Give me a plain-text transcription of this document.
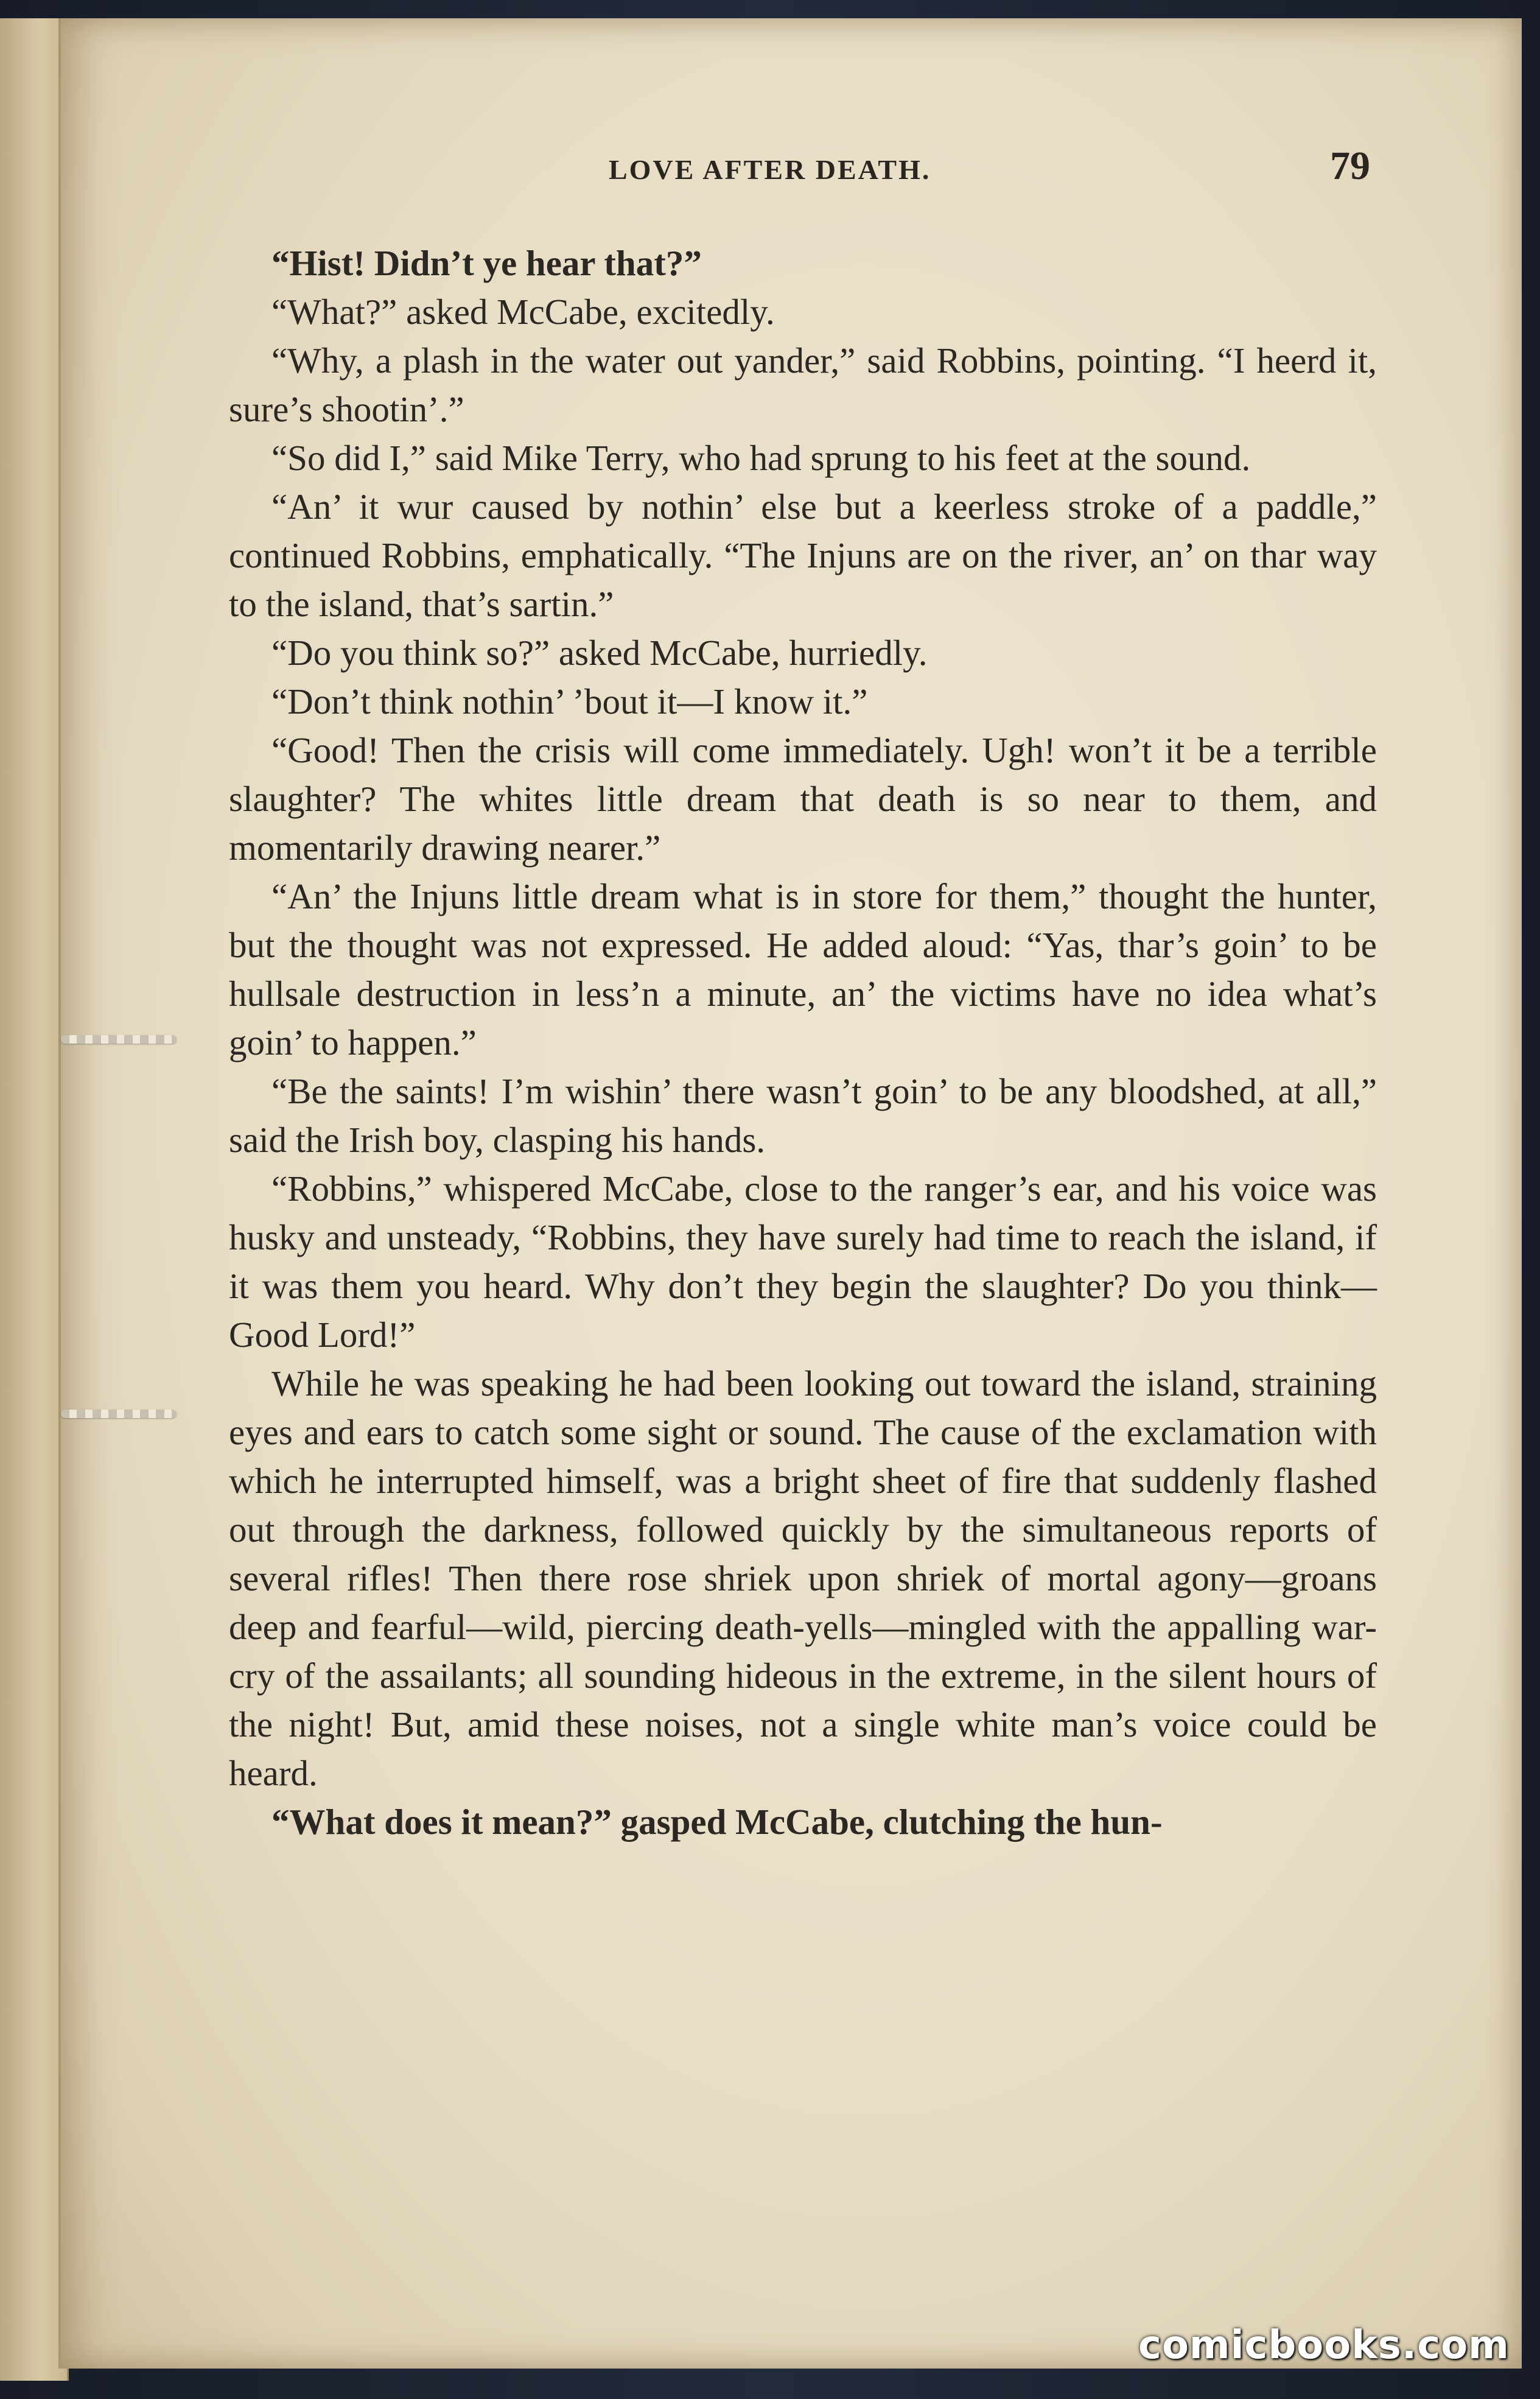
LOVE AFTER DEATH.	79

“Hist! Didn’t ye hear that?”

“What?” asked McCabe, excitedly.

“Why, a plash in the water out yander,” said Robbins, pointing. “I heerd it, sure’s shootin’.”

“So did I,” said Mike Terry, who had sprung to his feet at the sound.

“An’ it wur caused by nothin’ else but a keerless stroke of a paddle,” continued Robbins, emphatically. “The Injuns are on the river, an’ on thar way to the island, that’s sartin.”

“Do you think so?” asked McCabe, hurriedly.

“Don’t think nothin’ ’bout it—I know it.”

“Good! Then the crisis will come immediately. Ugh! won’t it be a terrible slaughter? The whites little dream that death is so near to them, and momentarily drawing nearer.”

“An’ the Injuns little dream what is in store for them,” thought the hunter, but the thought was not expressed. He added aloud: “Yas, thar’s goin’ to be hullsale destruction in less’n a minute, an’ the victims have no idea what’s goin’ to happen.”

“Be the saints! I’m wishin’ there wasn’t goin’ to be any bloodshed, at all,” said the Irish boy, clasping his hands.

“Robbins,” whispered McCabe, close to the ranger’s ear, and his voice was husky and unsteady, “Robbins, they have surely had time to reach the island, if it was them you heard. Why don’t they begin the slaughter? Do you think— Good Lord!”

While he was speaking he had been looking out toward the island, straining eyes and ears to catch some sight or sound. The cause of the exclamation with which he interrupted himself, was a bright sheet of fire that suddenly flashed out through the darkness, followed quickly by the simultaneous reports of several rifles! Then there rose shriek upon shriek of mortal agony—groans deep and fearful—wild, piercing death-yells—mingled with the appalling war-cry of the assailants; all sounding hideous in the extreme, in the silent hours of the night! But, amid these noises, not a single white man’s voice could be heard.

“What does it mean?” gasped McCabe, clutching the hun-

comicbooks.com
